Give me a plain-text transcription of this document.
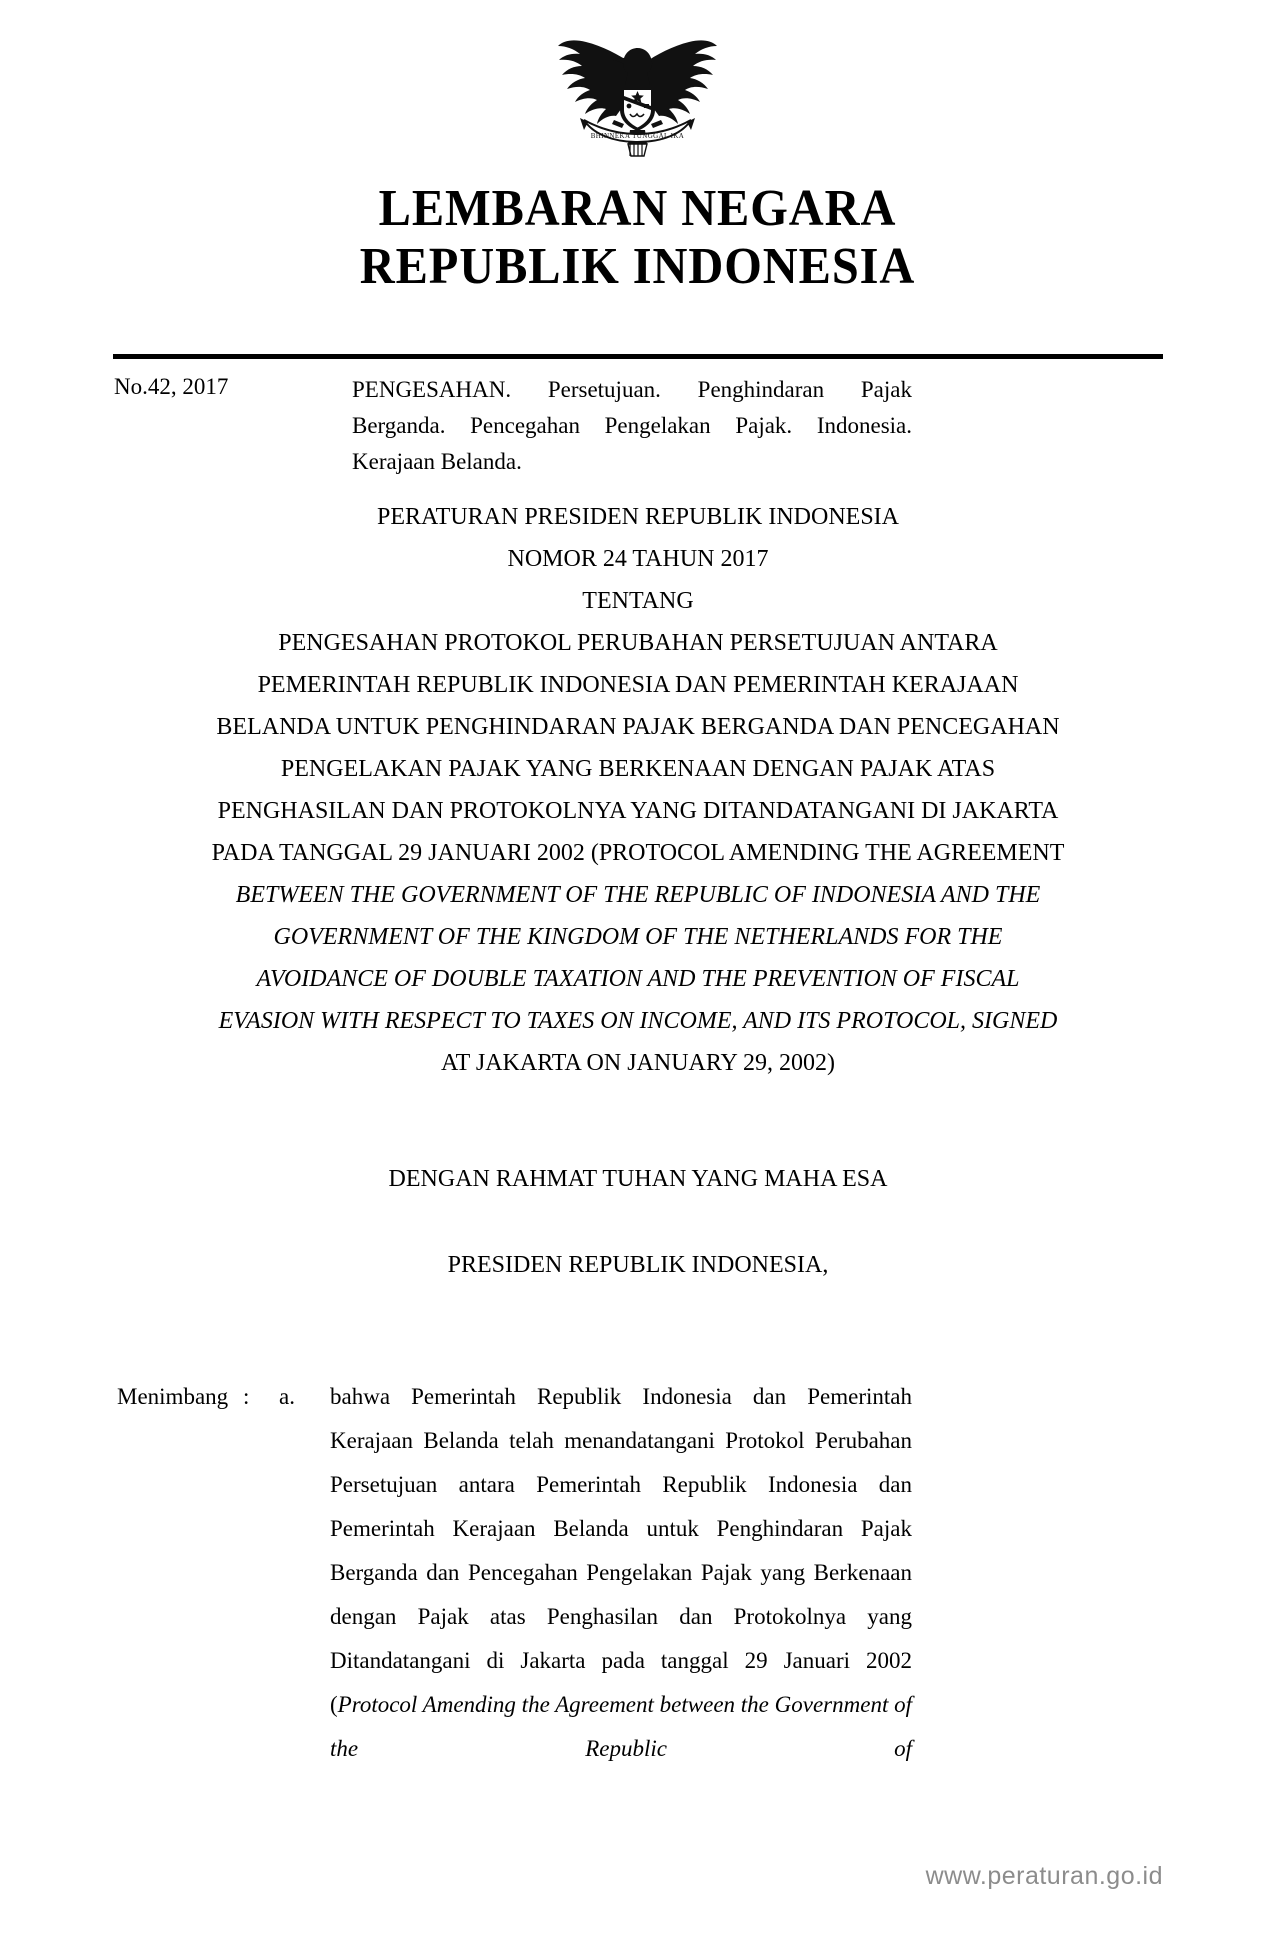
BHINNEKA TUNGGAL IKA
LEMBARAN NEGARA
REPUBLIK INDONESIA
No.42, 2017	PENGESAHAN. Persetujuan. Penghindaran Pajak Berganda. Pencegahan Pengelakan Pajak. Indonesia. Kerajaan Belanda.
PERATURAN PRESIDEN REPUBLIK INDONESIA
NOMOR 24 TAHUN 2017
TENTANG
PENGESAHAN PROTOKOL PERUBAHAN PERSETUJUAN ANTARA
PEMERINTAH REPUBLIK INDONESIA DAN PEMERINTAH KERAJAAN
BELANDA UNTUK PENGHINDARAN PAJAK BERGANDA DAN PENCEGAHAN
PENGELAKAN PAJAK YANG BERKENAAN DENGAN PAJAK ATAS
PENGHASILAN DAN PROTOKOLNYA YANG DITANDATANGANI DI JAKARTA
PADA TANGGAL 29 JANUARI 2002 (PROTOCOL AMENDING THE AGREEMENT
BETWEEN THE GOVERNMENT OF THE REPUBLIC OF INDONESIA AND THE
GOVERNMENT OF THE KINGDOM OF THE NETHERLANDS FOR THE
AVOIDANCE OF DOUBLE TAXATION AND THE PREVENTION OF FISCAL
EVASION WITH RESPECT TO TAXES ON INCOME, AND ITS PROTOCOL, SIGNED
AT JAKARTA ON JANUARY 29, 2002)
DENGAN RAHMAT TUHAN YANG MAHA ESA
PRESIDEN REPUBLIK INDONESIA,
Menimbang : a. bahwa Pemerintah Republik Indonesia dan Pemerintah Kerajaan Belanda telah menandatangani Protokol Perubahan Persetujuan antara Pemerintah Republik Indonesia dan Pemerintah Kerajaan Belanda untuk Penghindaran Pajak Berganda dan Pencegahan Pengelakan Pajak yang Berkenaan dengan Pajak atas Penghasilan dan Protokolnya yang Ditandatangani di Jakarta pada tanggal 29 Januari 2002 (Protocol Amending the Agreement between the Government of the Republic of
www.peraturan.go.id
